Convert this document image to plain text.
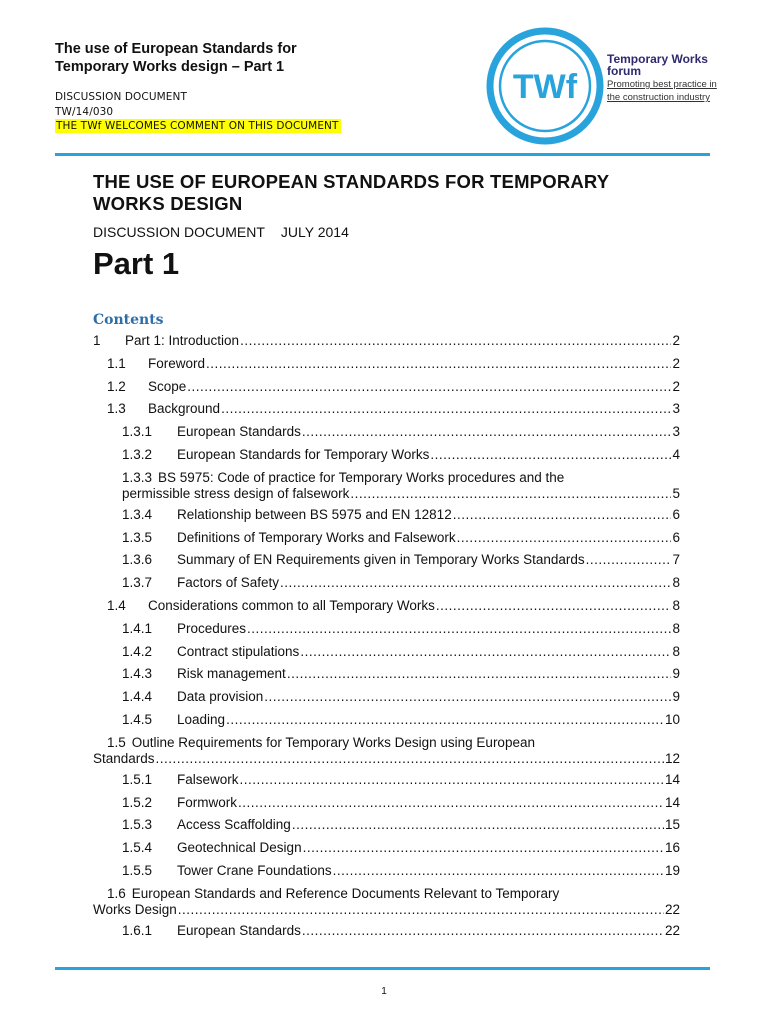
The use of European Standards for
Temporary Works design – Part 1
DISCUSSION DOCUMENT
TW/14/030
THE TWf WELCOMES COMMENT ON THIS DOCUMENT
TWf
Temporary Works
forum
Promoting best practice in
the construction industry
THE USE OF EUROPEAN STANDARDS FOR TEMPORARY WORKS DESIGN
DISCUSSION DOCUMENT JULY 2014
Part 1
Contents
1	Part 1: Introduction .....	2
1.1	Foreword .....	2
1.2	Scope .....	2
1.3	Background .....	3
1.3.1	European Standards .....	3
1.3.2	European Standards for Temporary Works .....	4
1.3.3 BS 5975: Code of practice for Temporary Works procedures and the
permissible stress design of falsework .....	5
1.3.4	Relationship between BS 5975 and EN 12812 .....	6
1.3.5	Definitions of Temporary Works and Falsework .....	6
1.3.6	Summary of EN Requirements given in Temporary Works Standards .....	7
1.3.7	Factors of Safety .....	8
1.4	Considerations common to all Temporary Works .....	8
1.4.1	Procedures .....	8
1.4.2	Contract stipulations .....	8
1.4.3	Risk management .....	9
1.4.4	Data provision .....	9
1.4.5	Loading .....	10
1.5 Outline Requirements for Temporary Works Design using European
Standards .....	12
1.5.1	Falsework .....	14
1.5.2	Formwork .....	14
1.5.3	Access Scaffolding .....	15
1.5.4	Geotechnical Design .....	16
1.5.5	Tower Crane Foundations .....	19
1.6 European Standards and Reference Documents Relevant to Temporary
Works Design .....	22
1.6.1	European Standards .....	22
1
